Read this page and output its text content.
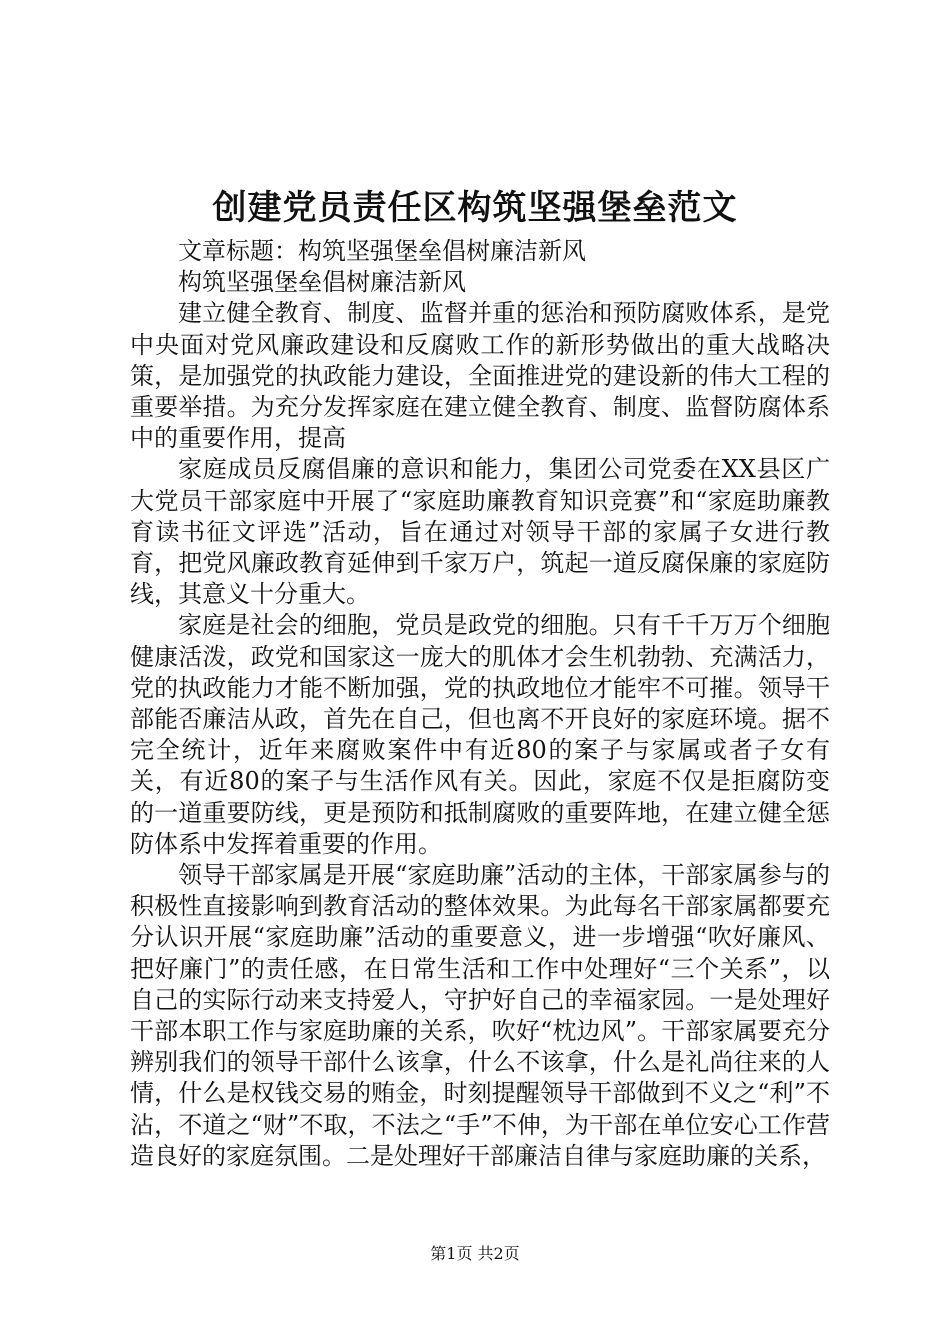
创建党员责任区构筑坚强堡垒范文

文章标题：构筑坚强堡垒倡树廉洁新风

构筑坚强堡垒倡树廉洁新风

建立健全教育、制度、监督并重的惩治和预防腐败体系，是党中央面对党风廉政建设和反腐败工作的新形势做出的重大战略决策，是加强党的执政能力建设，全面推进党的建设新的伟大工程的重要举措。为充分发挥家庭在建立健全教育、制度、监督防腐体系中的重要作用，提高

家庭成员反腐倡廉的意识和能力，集团公司党委在XX县区广大党员干部家庭中开展了“家庭助廉教育知识竞赛”和“家庭助廉教育读书征文评选”活动，旨在通过对领导干部的家属子女进行教育，把党风廉政教育延伸到千家万户，筑起一道反腐保廉的家庭防线，其意义十分重大。

家庭是社会的细胞，党员是政党的细胞。只有千千万万个细胞健康活泼，政党和国家这一庞大的肌体才会生机勃勃、充满活力，党的执政能力才能不断加强，党的执政地位才能牢不可摧。领导干部能否廉洁从政，首先在自己，但也离不开良好的家庭环境。据不完全统计，近年来腐败案件中有近80的案子与家属或者子女有关，有近80的案子与生活作风有关。因此，家庭不仅是拒腐防变的一道重要防线，更是预防和抵制腐败的重要阵地，在建立健全惩防体系中发挥着重要的作用。

领导干部家属是开展“家庭助廉”活动的主体，干部家属参与的积极性直接影响到教育活动的整体效果。为此每名干部家属都要充分认识开展“家庭助廉”活动的重要意义，进一步增强“吹好廉风、把好廉门”的责任感，在日常生活和工作中处理好“三个关系”，以自己的实际行动来支持爱人，守护好自己的幸福家园。一是处理好干部本职工作与家庭助廉的关系，吹好“枕边风”。干部家属要充分辨别我们的领导干部什么该拿，什么不该拿，什么是礼尚往来的人情，什么是权钱交易的贿金，时刻提醒领导干部做到不义之“利”不沾，不道之“财”不取，不法之“手”不伸，为干部在单位安心工作营造良好的家庭氛围。二是处理好干部廉洁自律与家庭助廉的关系，

第1页 共2页
